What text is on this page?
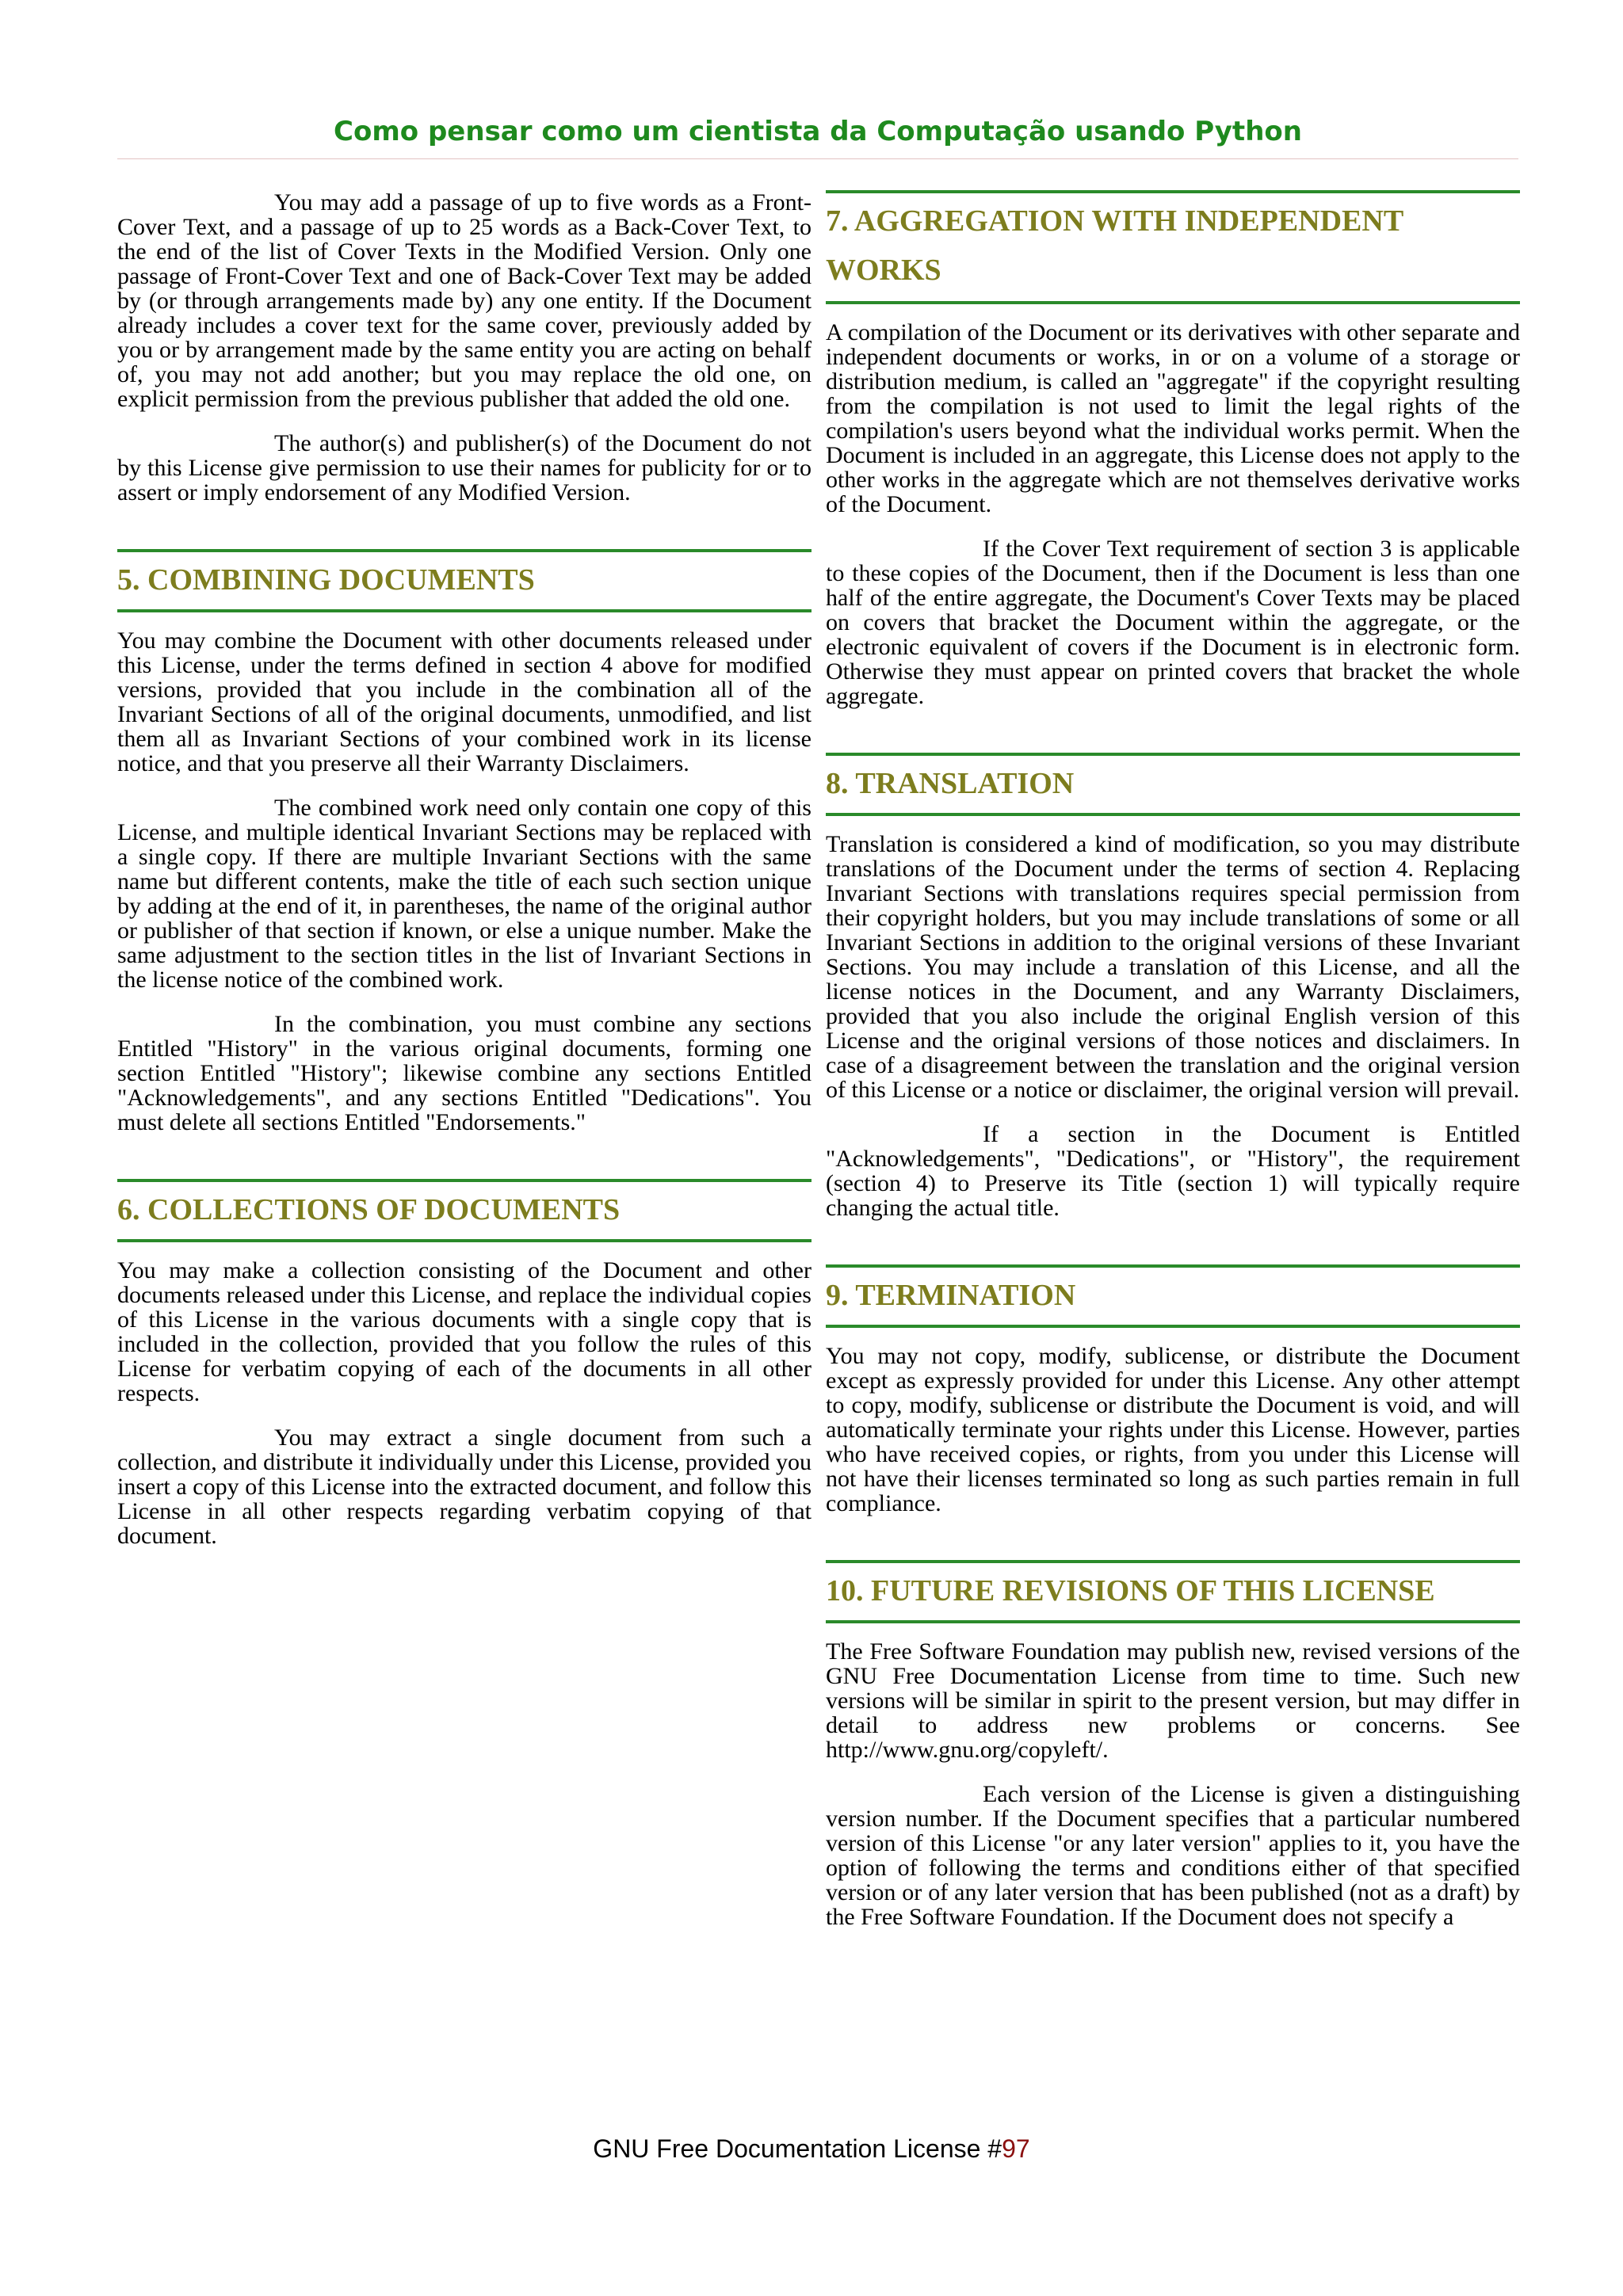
Como pensar como um cientista da Computação usando Python

You may add a passage of up to five words as a Front-Cover Text, and a passage of up to 25 words as a Back-Cover Text, to the end of the list of Cover Texts in the Modified Version. Only one passage of Front-Cover Text and one of Back-Cover Text may be added by (or through arrangements made by) any one entity. If the Document already includes a cover text for the same cover, previously added by you or by arrangement made by the same entity you are acting on behalf of, you may not add another; but you may replace the old one, on explicit permission from the previous publisher that added the old one.

The author(s) and publisher(s) of the Document do not by this License give permission to use their names for publicity for or to assert or imply endorsement of any Modified Version.

5. COMBINING DOCUMENTS

You may combine the Document with other documents released under this License, under the terms defined in section 4 above for modified versions, provided that you include in the combination all of the Invariant Sections of all of the original documents, unmodified, and list them all as Invariant Sections of your combined work in its license notice, and that you preserve all their Warranty Disclaimers.

The combined work need only contain one copy of this License, and multiple identical Invariant Sections may be replaced with a single copy. If there are multiple Invariant Sections with the same name but different contents, make the title of each such section unique by adding at the end of it, in parentheses, the name of the original author or publisher of that section if known, or else a unique number. Make the same adjustment to the section titles in the list of Invariant Sections in the license notice of the combined work.

In the combination, you must combine any sections Entitled "History" in the various original documents, forming one section Entitled "History"; likewise combine any sections Entitled "Acknowledgements", and any sections Entitled "Dedications". You must delete all sections Entitled "Endorsements."

6. COLLECTIONS OF DOCUMENTS

You may make a collection consisting of the Document and other documents released under this License, and replace the individual copies of this License in the various documents with a single copy that is included in the collection, provided that you follow the rules of this License for verbatim copying of each of the documents in all other respects.

You may extract a single document from such a collection, and distribute it individually under this License, provided you insert a copy of this License into the extracted document, and follow this License in all other respects regarding verbatim copying of that document.

7. AGGREGATION WITH INDEPENDENT WORKS

A compilation of the Document or its derivatives with other separate and independent documents or works, in or on a volume of a storage or distribution medium, is called an "aggregate" if the copyright resulting from the compilation is not used to limit the legal rights of the compilation's users beyond what the individual works permit. When the Document is included in an aggregate, this License does not apply to the other works in the aggregate which are not themselves derivative works of the Document.

If the Cover Text requirement of section 3 is applicable to these copies of the Document, then if the Document is less than one half of the entire aggregate, the Document's Cover Texts may be placed on covers that bracket the Document within the aggregate, or the electronic equivalent of covers if the Document is in electronic form. Otherwise they must appear on printed covers that bracket the whole aggregate.

8. TRANSLATION

Translation is considered a kind of modification, so you may distribute translations of the Document under the terms of section 4. Replacing Invariant Sections with translations requires special permission from their copyright holders, but you may include translations of some or all Invariant Sections in addition to the original versions of these Invariant Sections. You may include a translation of this License, and all the license notices in the Document, and any Warranty Disclaimers, provided that you also include the original English version of this License and the original versions of those notices and disclaimers. In case of a disagreement between the translation and the original version of this License or a notice or disclaimer, the original version will prevail.

If a section in the Document is Entitled "Acknowledgements", "Dedications", or "History", the requirement (section 4) to Preserve its Title (section 1) will typically require changing the actual title.

9. TERMINATION

You may not copy, modify, sublicense, or distribute the Document except as expressly provided for under this License. Any other attempt to copy, modify, sublicense or distribute the Document is void, and will automatically terminate your rights under this License. However, parties who have received copies, or rights, from you under this License will not have their licenses terminated so long as such parties remain in full compliance.

10. FUTURE REVISIONS OF THIS LICENSE

The Free Software Foundation may publish new, revised versions of the GNU Free Documentation License from time to time. Such new versions will be similar in spirit to the present version, but may differ in detail to address new problems or concerns. See http://www.gnu.org/copyleft/.

Each version of the License is given a distinguishing version number. If the Document specifies that a particular numbered version of this License "or any later version" applies to it, you have the option of following the terms and conditions either of that specified version or of any later version that has been published (not as a draft) by the Free Software Foundation. If the Document does not specify a

GNU Free Documentation License #97
